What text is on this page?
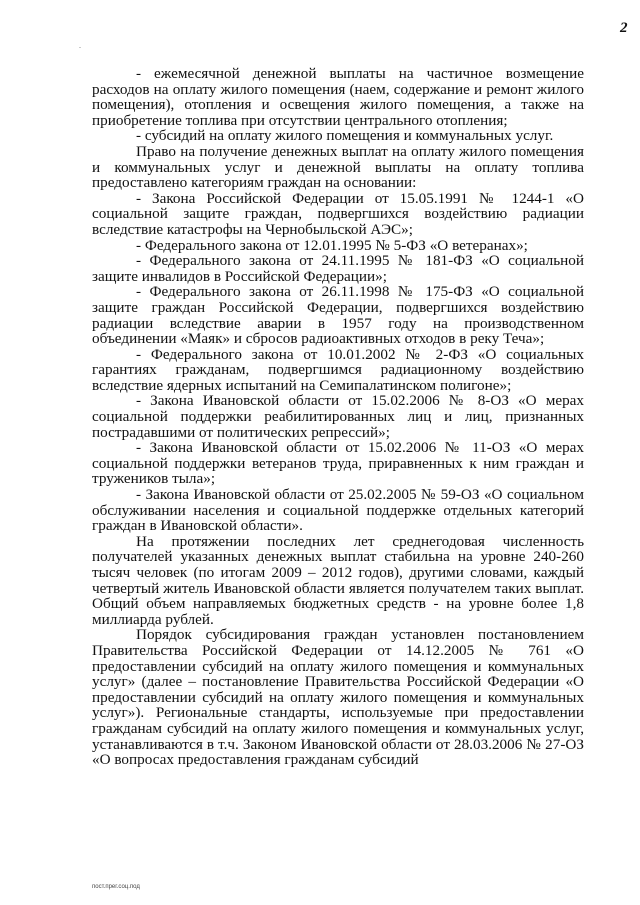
2
.

- ежемесячной денежной выплаты на частичное возмещение расходов на оплату жилого помещения (наем, содержание и ремонт жилого помещения), отопления и освещения жилого помещения, а также на приобретение топлива при отсутствии центрального отопления;

- субсидий на оплату жилого помещения и коммунальных услуг.

Право на получение денежных выплат на оплату жилого помещения и коммунальных услуг и денежной выплаты на оплату топлива предоставлено категориям граждан на основании:

- Закона Российской Федерации от 15.05.1991 № 1244-1 «О социальной защите граждан, подвергшихся воздействию радиации вследствие катастрофы на Чернобыльской АЭС»;

- Федерального закона от 12.01.1995 № 5-ФЗ «О ветеранах»;

- Федерального закона от 24.11.1995 № 181-ФЗ «О социальной защите инвалидов в Российской Федерации»;

- Федерального закона от 26.11.1998 № 175-ФЗ «О социальной защите граждан Российской Федерации, подвергшихся воздействию радиации вследствие аварии в 1957 году на производственном объединении «Маяк» и сбросов радиоактивных отходов в реку Теча»;

- Федерального закона от 10.01.2002 № 2-ФЗ «О социальных гарантиях гражданам, подвергшимся радиационному воздействию вследствие ядерных испытаний на Семипалатинском полигоне»;

- Закона Ивановской области от 15.02.2006 № 8-ОЗ «О мерах социальной поддержки реабилитированных лиц и лиц, признанных пострадавшими от политических репрессий»;

- Закона Ивановской области от 15.02.2006 № 11-ОЗ «О мерах социальной поддержки ветеранов труда, приравненных к ним граждан и тружеников тыла»;

- Закона Ивановской области от 25.02.2005 № 59-ОЗ «О социальном обслуживании населения и социальной поддержке отдельных категорий граждан в Ивановской области».

На протяжении последних лет среднегодовая численность получателей указанных денежных выплат стабильна на уровне 240-260 тысяч человек (по итогам 2009 – 2012 годов), другими словами, каждый четвертый житель Ивановской области является получателем таких выплат. Общий объем направляемых бюджетных средств - на уровне более 1,8 миллиарда рублей.

Порядок субсидирования граждан установлен постановлением Правительства Российской Федерации от 14.12.2005 № 761 «О предоставлении субсидий на оплату жилого помещения и коммунальных услуг» (далее – постановление Правительства Российской Федерации «О предоставлении субсидий на оплату жилого помещения и коммунальных услуг»). Региональные стандарты, используемые при предоставлении гражданам субсидий на оплату жилого помещения и коммунальных услуг, устанавливаются в т.ч. Законом Ивановской области от 28.03.2006 № 27-ОЗ «О вопросах предоставления гражданам субсидий

пост.прег.соц.под
